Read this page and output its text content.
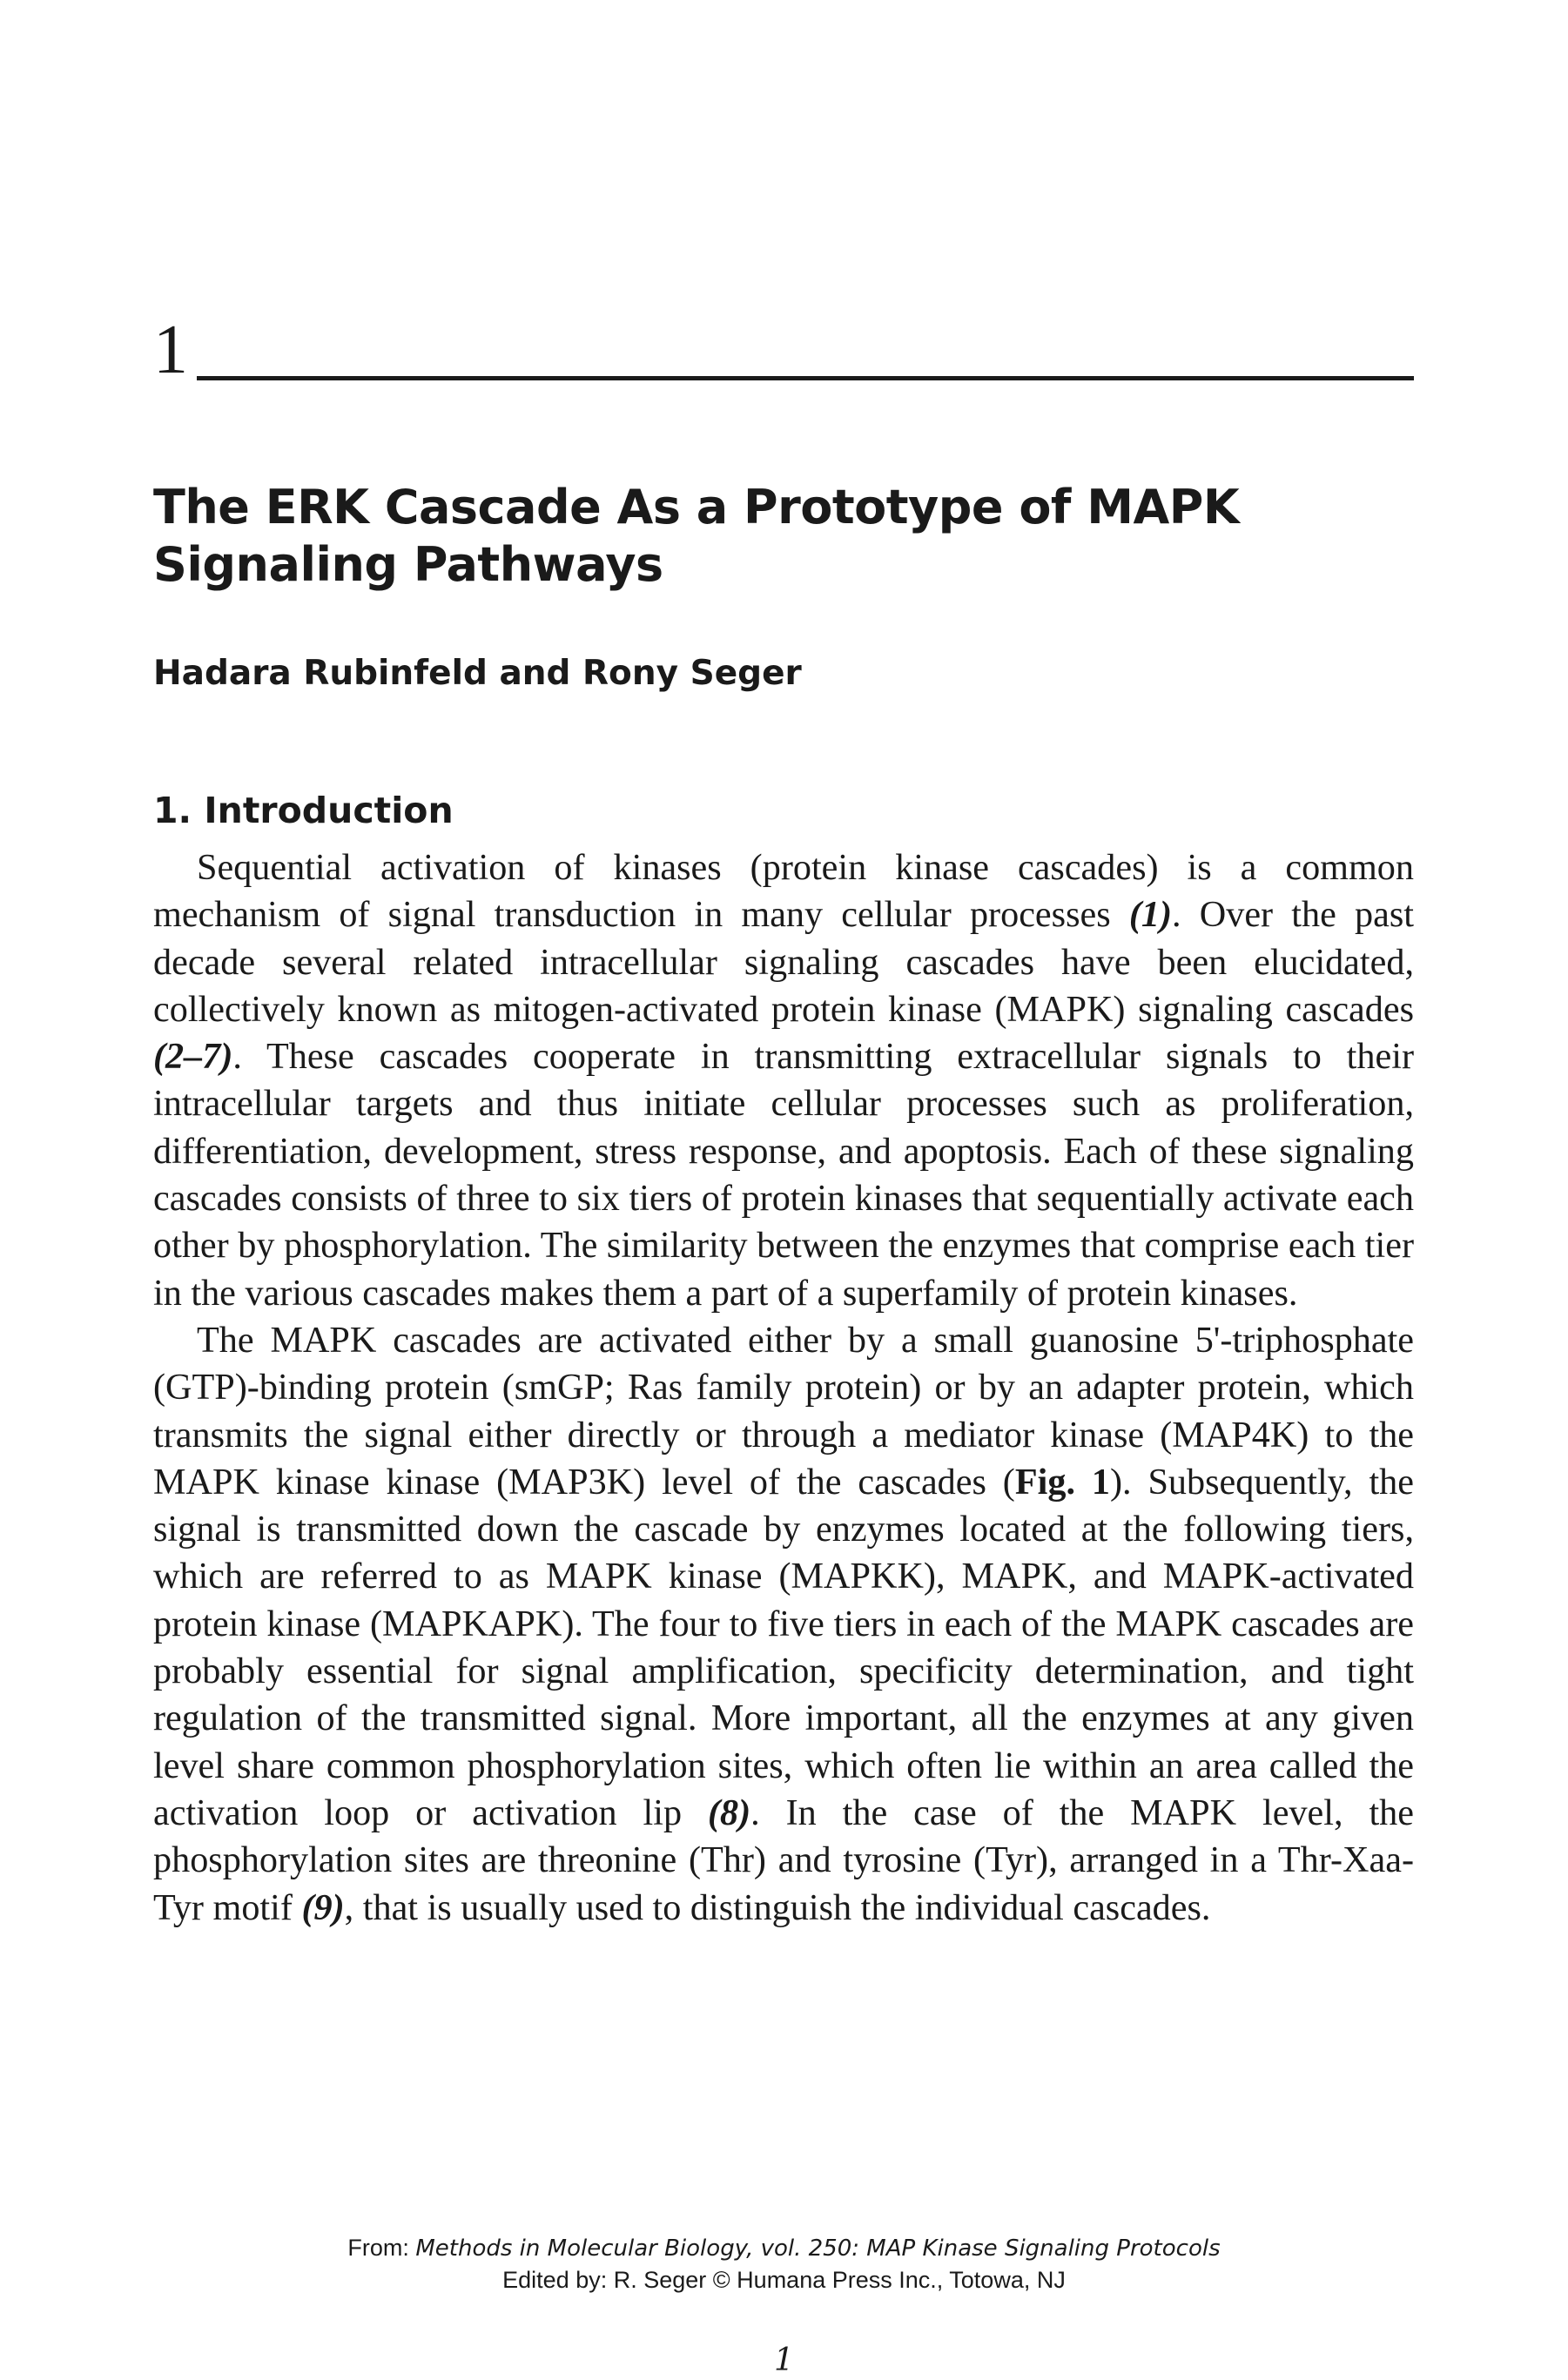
1
The ERK Cascade As a Prototype of MAPK Signaling Pathways

Hadara Rubinfeld and Rony Seger

1. Introduction

Sequential activation of kinases (protein kinase cascades) is a common mechanism of signal transduction in many cellular processes (1). Over the past decade several related intracellular signaling cascades have been elucidated, collectively known as mitogen-activated protein kinase (MAPK) signaling cascades (2–7). These cascades cooperate in transmitting extracellular signals to their intracellular targets and thus initiate cellular processes such as proliferation, differentiation, development, stress response, and apoptosis. Each of these signaling cascades consists of three to six tiers of protein kinases that sequentially activate each other by phosphorylation. The similarity between the enzymes that comprise each tier in the various cascades makes them a part of a superfamily of protein kinases.

The MAPK cascades are activated either by a small guanosine 5'-triphosphate (GTP)-binding protein (smGP; Ras family protein) or by an adapter protein, which transmits the signal either directly or through a mediator kinase (MAP4K) to the MAPK kinase kinase (MAP3K) level of the cascades (Fig. 1). Subsequently, the signal is transmitted down the cascade by enzymes located at the following tiers, which are referred to as MAPK kinase (MAPKK), MAPK, and MAPK-activated protein kinase (MAPKAPK). The four to five tiers in each of the MAPK cascades are probably essential for signal amplification, specificity determination, and tight regulation of the transmitted signal. More important, all the enzymes at any given level share common phosphorylation sites, which often lie within an area called the activation loop or activation lip (8). In the case of the MAPK level, the phosphorylation sites are threonine (Thr) and tyrosine (Tyr), arranged in a Thr-Xaa-Tyr motif (9), that is usually used to distinguish the individual cascades.

From: Methods in Molecular Biology, vol. 250: MAP Kinase Signaling Protocols
Edited by: R. Seger © Humana Press Inc., Totowa, NJ
1
